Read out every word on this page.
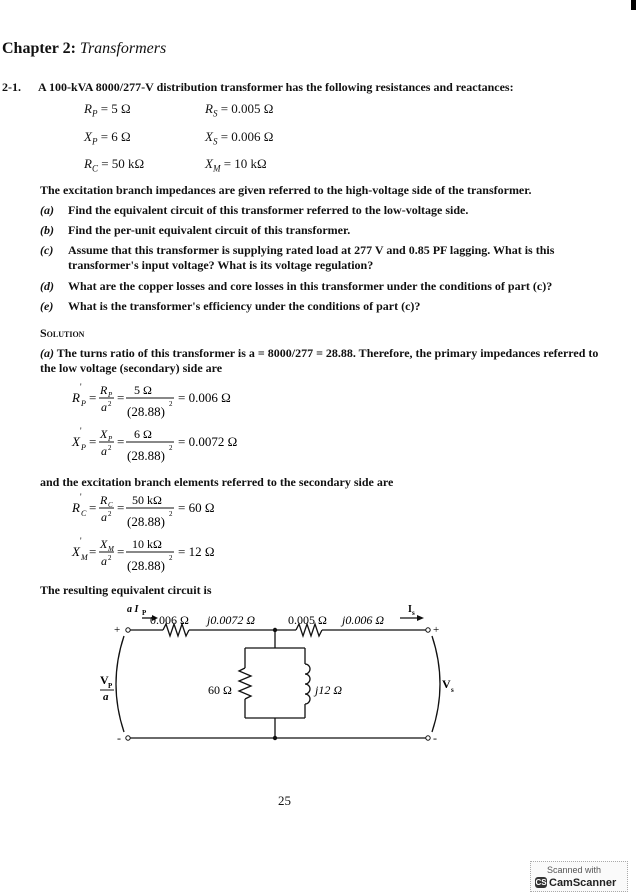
Chapter 2: Transformers
2-1. A 100-kVA 8000/277-V distribution transformer has the following resistances and reactances:
$R_P = 5$ Ω	$R_S = 0.005$ Ω
$X_P = 6$ Ω	$X_S = 0.006$ Ω
$R_C = 50$ kΩ	$X_M = 10$ kΩ
The excitation branch impedances are given referred to the high-voltage side of the transformer.
(a) Find the equivalent circuit of this transformer referred to the low-voltage side.
(b) Find the per-unit equivalent circuit of this transformer.
(c) Assume that this transformer is supplying rated load at 277 V and 0.85 PF lagging. What is this transformer's input voltage? What is its voltage regulation?
(d) What are the copper losses and core losses in this transformer under the conditions of part (c)?
(e) What is the transformer's efficiency under the conditions of part (c)?
Solution
(a) The turns ratio of this transformer is a = 8000/277 = 28.88. Therefore, the primary impedances referred to the low voltage (secondary) side are
R P
'
= R P
a 2 = 5 Ω
(28.88) 2 = 0.006 Ω
X P
'
= X P
a 2 = 6 Ω
(28.88) 2 = 0.0072 Ω
and the excitation branch elements referred to the secondary side are
R C
'
= R C
a 2 = 50 kΩ
(28.88) 2 = 60 Ω
X M
'
= X M
a 2 = 10 kΩ
(28.88) 2 = 12 Ω
The resulting equivalent circuit is
a I P	I s
0.006 Ω j0.0072 Ω	0.005 Ω j0.006 Ω
60 Ω	j12 Ω
+
-
+
-
V P
a
V s
25
Scanned with
CS CamScanner
